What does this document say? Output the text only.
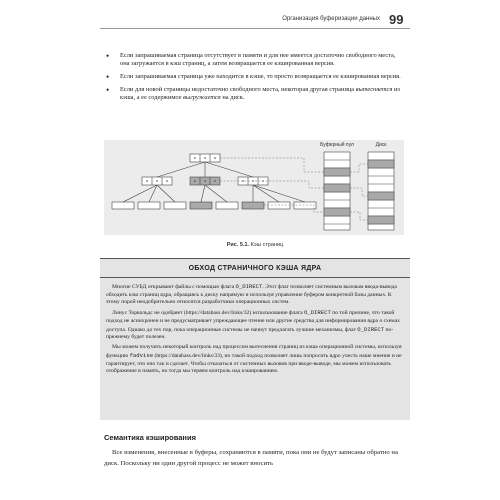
Организация буферизации данных 99
• Если запрашиваемая страница отсутствует в памяти и для нее имеется достаточно свободного места, она загружается в кэш страниц, а затем возвращается ее кэшированная версия.
• Если запрашиваемая страница уже находится в кэше, то просто возвращается ее кэшированная версия.
• Если для новой страницы недостаточно свободного места, некоторая другая страница вытесняется из кэша, а ее содержимое выгружается на диск.
Буферный пул	Диск
Рис. 5.1. Кэш страниц
ОБХОД СТРАНИЧНОГО КЭША ЯДРА

Многие СУБД открывают файлы с помощью флага O_DIRECT. Этот флаг позволяет системным вызовам ввода-вывода обходить кэш страниц ядра, обращаясь к диску напрямую и используя управление буфером конкретной базы данных. К этому порой неодобрительно относятся разработчики операционных систем.

Линус Торвальдс не одобряет (https://databass.dev/links/32) использование флага O_DIRECT по той причине, что такой подход не асинхронен и не предусматривает упреждающее чтение или другие средства для информирования ядра о схемах доступа. Однако до тех пор, пока операционные системы не начнут предлагать лучшие механизмы, флаг O_DIRECT по-прежнему будет полезен.

Мы можем получить некоторый контроль над процессом вытеснения страниц из кэша операционной системы, используя функцию fadvise (https://databass.dev/links/33), но такой подход позволяет лишь попросить ядро учесть наше мнение и не гарантирует, что оно так и сделает. Чтобы отказаться от системных вызовов при вводе-выводе, мы можем использовать отображение в память, но тогда мы теряем контроль над кэшированием.

Семантика кэширования

Все изменения, внесенные в буферы, сохраняются в памяти, пока они не будут записаны обратно на диск. Поскольку ни один другой процесс не может вносить
